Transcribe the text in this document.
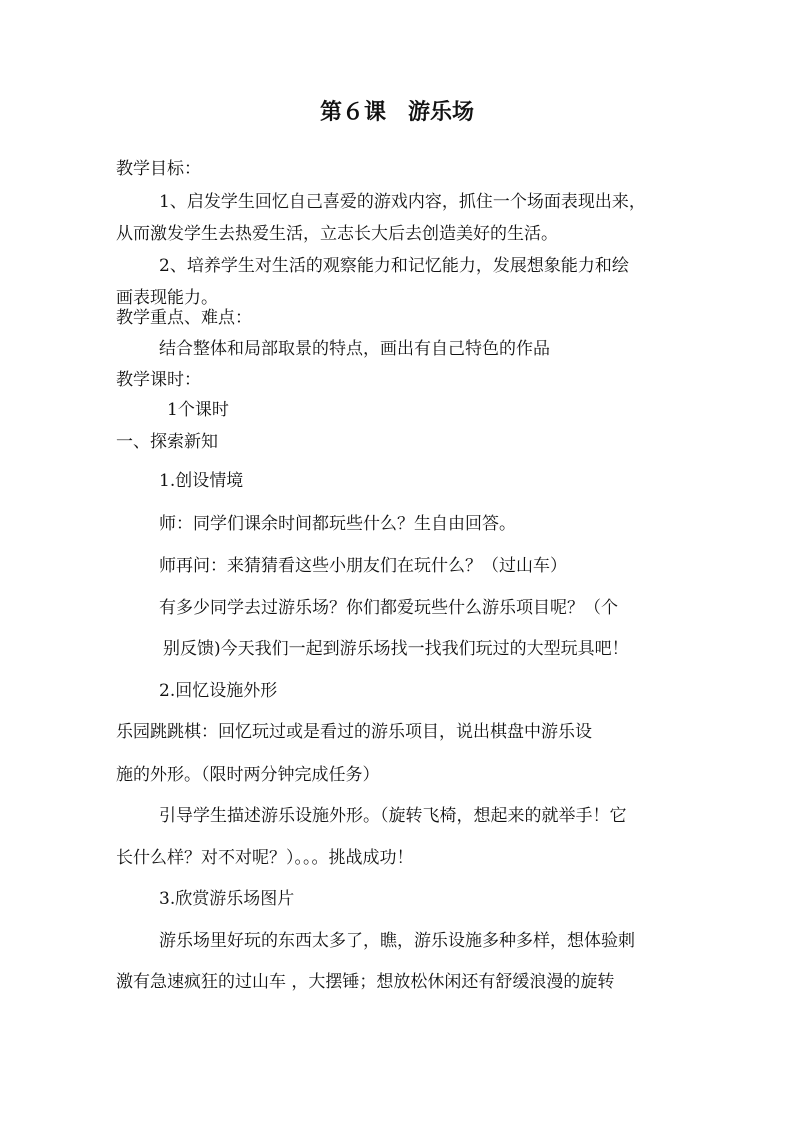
第６课　游乐场
教学目标：
1、启发学生回忆自己喜爱的游戏内容，抓住一个场面表现出来，
从而激发学生去热爱生活，立志长大后去创造美好的生活。
2、培养学生对生活的观察能力和记忆能力，发展想象能力和绘
画表现能力。
教学重点、难点：
结合整体和局部取景的特点，画出有自己特色的作品
教学课时：
1个课时
一、探索新知
1.创设情境
师：同学们课余时间都玩些什么？生自由回答。
师再问：来猜猜看这些小朋友们在玩什么？（过山车）
有多少同学去过游乐场？你们都爱玩些什么游乐项目呢？（个
别反馈)今天我们一起到游乐场找一找我们玩过的大型玩具吧！
2.回忆设施外形
乐园跳跳棋：回忆玩过或是看过的游乐项目，说出棋盘中游乐设
施的外形。（限时两分钟完成任务）
引导学生描述游乐设施外形。（旋转飞椅，想起来的就举手！它
长什么样？对不对呢？）。。。挑战成功！
3.欣赏游乐场图片
游乐场里好玩的东西太多了，瞧，游乐设施多种多样，想体验刺
激有急速疯狂的过山车 ，大摆锤；想放松休闲还有舒缓浪漫的旋转
